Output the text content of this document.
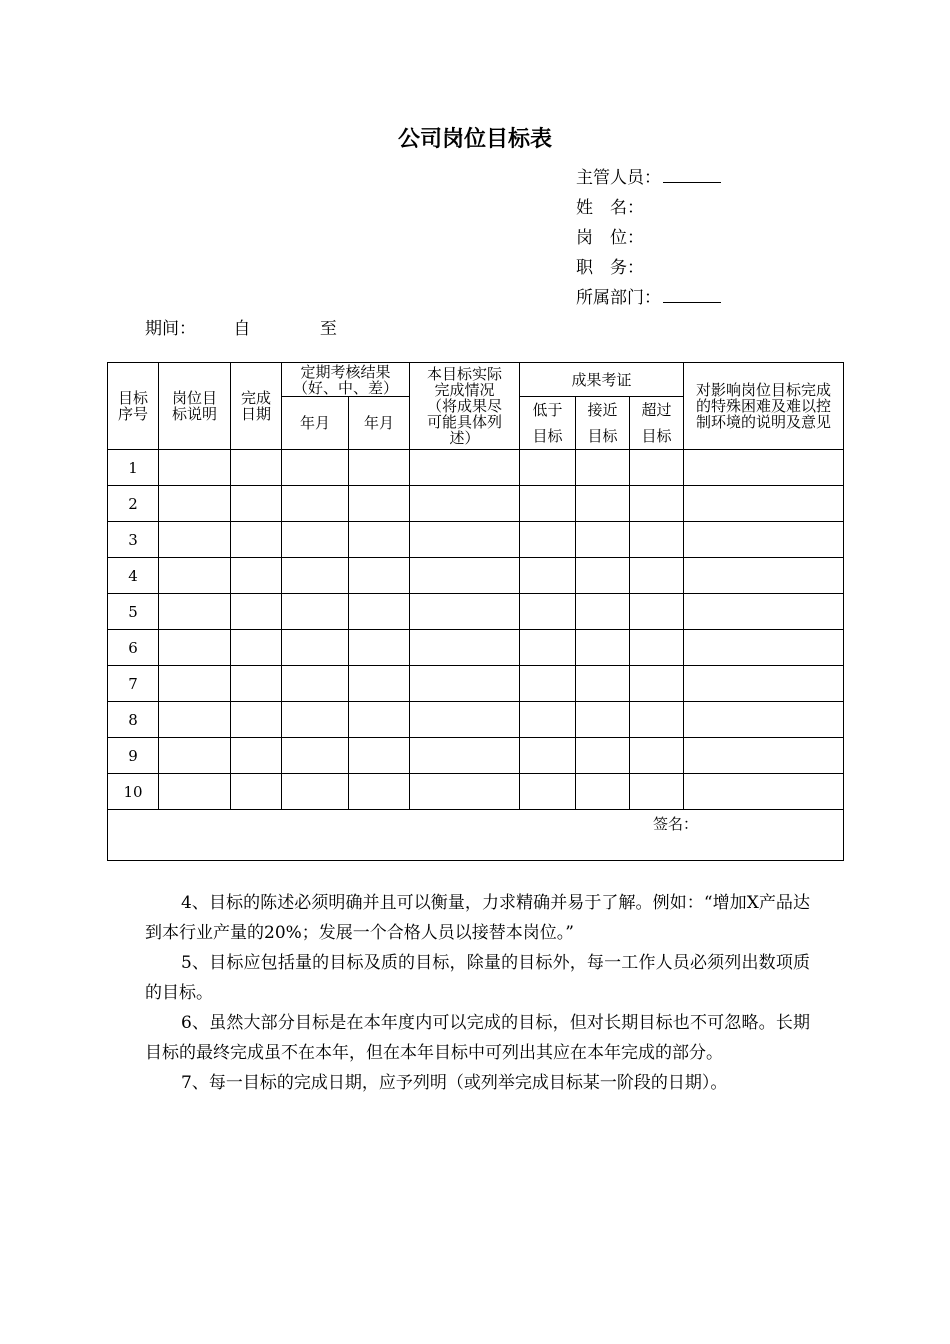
公司岗位目标表
主管人员：
姓　名：
岗　位：
职　务：
所属部门：
期间： 自	至
目标序号	岗位目标说明	完成日期	定期考核结果（好、中、差）		本目标实际完成情况（将成果尽可能具体列述）	成果考证			对影响岗位目标完成的特殊困难及难以控制环境的说明及意见
			年月	年月		低于目标	接近目标	超过目标	
1									
2									
3									
4									
5									
6									
7									
8									
9									
10									
签名：									

4、目标的陈述必须明确并且可以衡量，力求精确并易于了解。例如：“增加X产品达到本行业产量的20%；发展一个合格人员以接替本岗位。”

5、目标应包括量的目标及质的目标，除量的目标外，每一工作人员必须列出数项质的目标。

6、虽然大部分目标是在本年度内可以完成的目标，但对长期目标也不可忽略。长期目标的最终完成虽不在本年，但在本年目标中可列出其应在本年完成的部分。

7、每一目标的完成日期，应予列明（或列举完成目标某一阶段的日期）。
